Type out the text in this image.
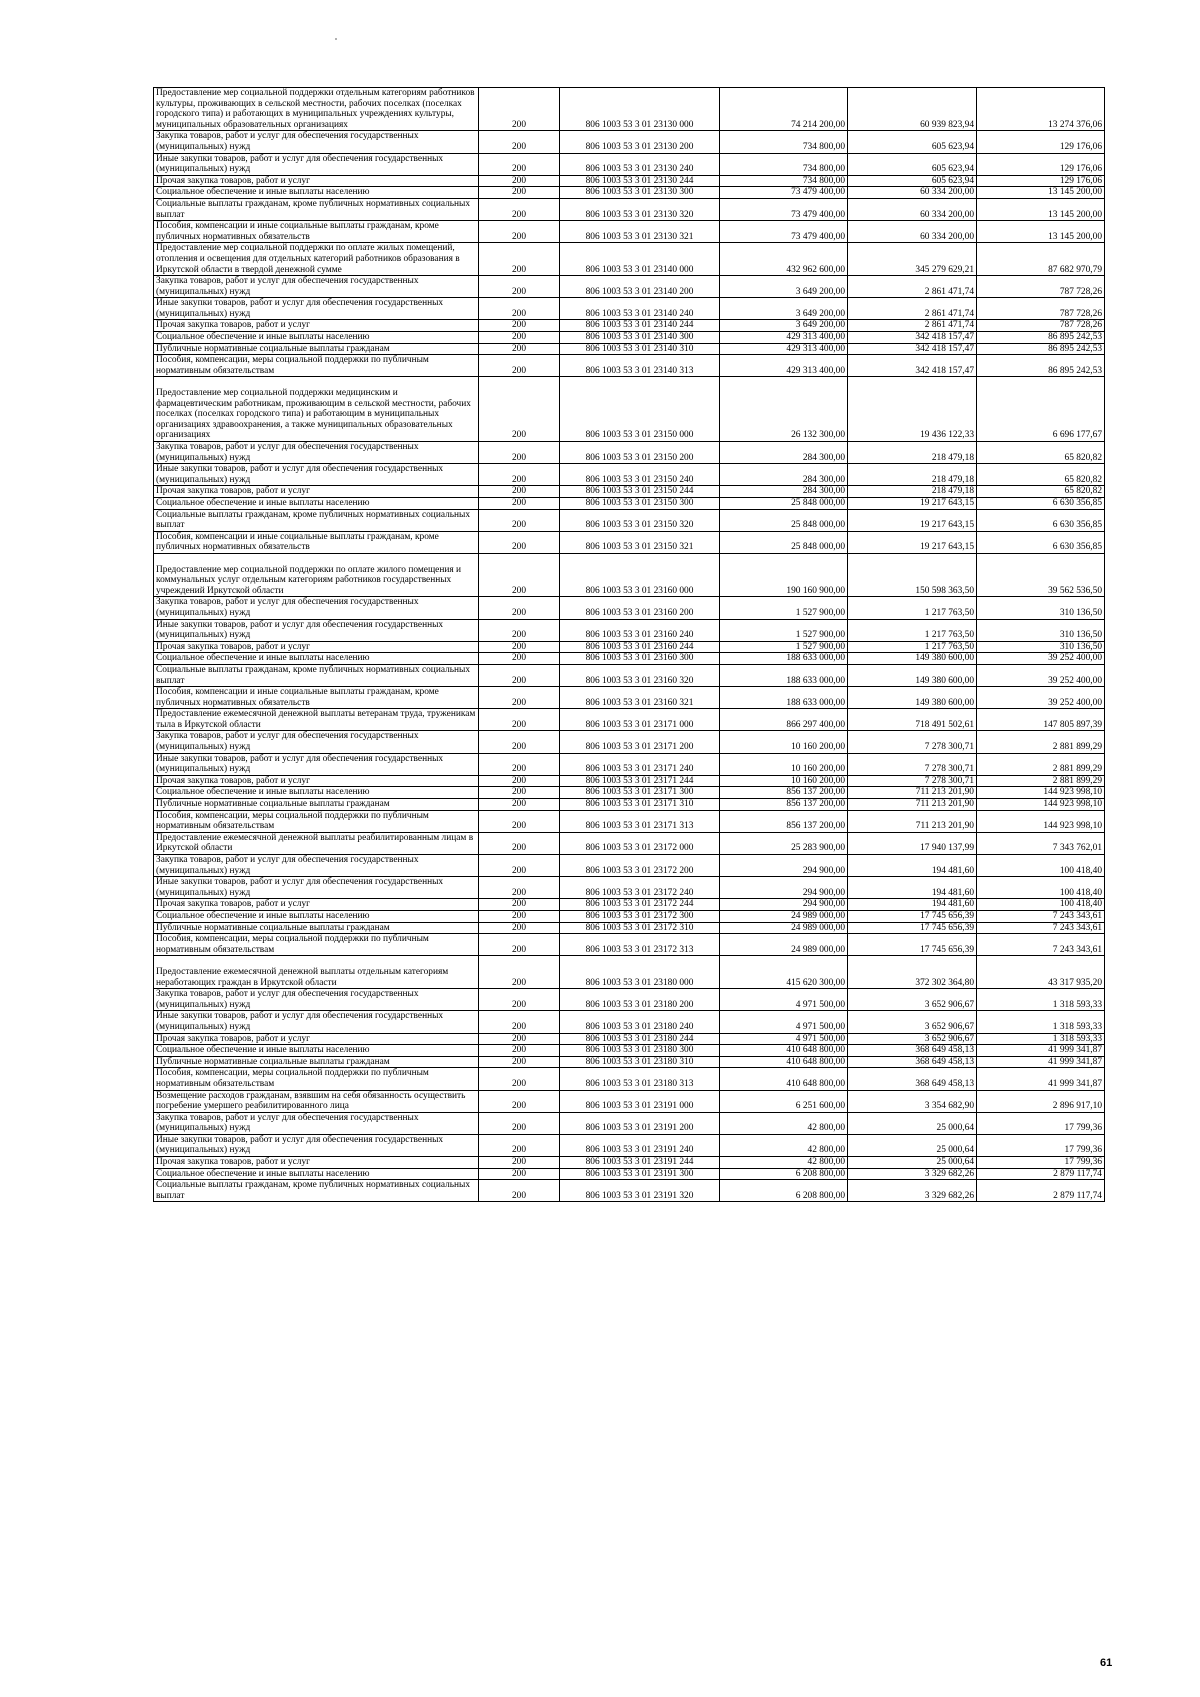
Предоставление мер социальной поддержки отдельным категориям работников культуры, проживающих в сельской местности, рабочих поселках (поселках городского типа) и работающих в муниципальных учреждениях культуры, муниципальных образовательных организациях	200	806 1003 53 3 01 23130 000	74 214 200,00	60 939 823,94	13 274 376,06
Закупка товаров, работ и услуг для обеспечения государственных (муниципальных) нужд	200	806 1003 53 3 01 23130 200	734 800,00	605 623,94	129 176,06
Иные закупки товаров, работ и услуг для обеспечения государственных (муниципальных) нужд	200	806 1003 53 3 01 23130 240	734 800,00	605 623,94	129 176,06
Прочая закупка товаров, работ и услуг	200	806 1003 53 3 01 23130 244	734 800,00	605 623,94	129 176,06
Социальное обеспечение и иные выплаты населению	200	806 1003 53 3 01 23130 300	73 479 400,00	60 334 200,00	13 145 200,00
Социальные выплаты гражданам, кроме публичных нормативных социальных выплат	200	806 1003 53 3 01 23130 320	73 479 400,00	60 334 200,00	13 145 200,00
Пособия, компенсации и иные социальные выплаты гражданам, кроме публичных нормативных обязательств	200	806 1003 53 3 01 23130 321	73 479 400,00	60 334 200,00	13 145 200,00
Предоставление мер социальной поддержки по оплате жилых помещений, отопления и освещения для отдельных категорий работников образования в Иркутской области в твердой денежной сумме	200	806 1003 53 3 01 23140 000	432 962 600,00	345 279 629,21	87 682 970,79
Закупка товаров, работ и услуг для обеспечения государственных (муниципальных) нужд	200	806 1003 53 3 01 23140 200	3 649 200,00	2 861 471,74	787 728,26
Иные закупки товаров, работ и услуг для обеспечения государственных (муниципальных) нужд	200	806 1003 53 3 01 23140 240	3 649 200,00	2 861 471,74	787 728,26
Прочая закупка товаров, работ и услуг	200	806 1003 53 3 01 23140 244	3 649 200,00	2 861 471,74	787 728,26
Социальное обеспечение и иные выплаты населению	200	806 1003 53 3 01 23140 300	429 313 400,00	342 418 157,47	86 895 242,53
Публичные нормативные социальные выплаты гражданам	200	806 1003 53 3 01 23140 310	429 313 400,00	342 418 157,47	86 895 242,53
Пособия, компенсации, меры социальной поддержки по публичным нормативным обязательствам	200	806 1003 53 3 01 23140 313	429 313 400,00	342 418 157,47	86 895 242,53
Предоставление мер социальной поддержки медицинским и фармацевтическим работникам, проживающим в сельской местности, рабочих поселках (поселках городского типа) и работающим в муниципальных организациях здравоохранения, а также муниципальных образовательных организациях	200	806 1003 53 3 01 23150 000	26 132 300,00	19 436 122,33	6 696 177,67
Закупка товаров, работ и услуг для обеспечения государственных (муниципальных) нужд	200	806 1003 53 3 01 23150 200	284 300,00	218 479,18	65 820,82
Иные закупки товаров, работ и услуг для обеспечения государственных (муниципальных) нужд	200	806 1003 53 3 01 23150 240	284 300,00	218 479,18	65 820,82
Прочая закупка товаров, работ и услуг	200	806 1003 53 3 01 23150 244	284 300,00	218 479,18	65 820,82
Социальное обеспечение и иные выплаты населению	200	806 1003 53 3 01 23150 300	25 848 000,00	19 217 643,15	6 630 356,85
Социальные выплаты гражданам, кроме публичных нормативных социальных выплат	200	806 1003 53 3 01 23150 320	25 848 000,00	19 217 643,15	6 630 356,85
Пособия, компенсации и иные социальные выплаты гражданам, кроме публичных нормативных обязательств	200	806 1003 53 3 01 23150 321	25 848 000,00	19 217 643,15	6 630 356,85
Предоставление мер социальной поддержки по оплате жилого помещения и коммунальных услуг отдельным категориям работников государственных учреждений Иркутской области	200	806 1003 53 3 01 23160 000	190 160 900,00	150 598 363,50	39 562 536,50
Закупка товаров, работ и услуг для обеспечения государственных (муниципальных) нужд	200	806 1003 53 3 01 23160 200	1 527 900,00	1 217 763,50	310 136,50
Иные закупки товаров, работ и услуг для обеспечения государственных (муниципальных) нужд	200	806 1003 53 3 01 23160 240	1 527 900,00	1 217 763,50	310 136,50
Прочая закупка товаров, работ и услуг	200	806 1003 53 3 01 23160 244	1 527 900,00	1 217 763,50	310 136,50
Социальное обеспечение и иные выплаты населению	200	806 1003 53 3 01 23160 300	188 633 000,00	149 380 600,00	39 252 400,00
Социальные выплаты гражданам, кроме публичных нормативных социальных выплат	200	806 1003 53 3 01 23160 320	188 633 000,00	149 380 600,00	39 252 400,00
Пособия, компенсации и иные социальные выплаты гражданам, кроме публичных нормативных обязательств	200	806 1003 53 3 01 23160 321	188 633 000,00	149 380 600,00	39 252 400,00
Предоставление ежемесячной денежной выплаты ветеранам труда, труженикам тыла в Иркутской области	200	806 1003 53 3 01 23171 000	866 297 400,00	718 491 502,61	147 805 897,39
Закупка товаров, работ и услуг для обеспечения государственных (муниципальных) нужд	200	806 1003 53 3 01 23171 200	10 160 200,00	7 278 300,71	2 881 899,29
Иные закупки товаров, работ и услуг для обеспечения государственных (муниципальных) нужд	200	806 1003 53 3 01 23171 240	10 160 200,00	7 278 300,71	2 881 899,29
Прочая закупка товаров, работ и услуг	200	806 1003 53 3 01 23171 244	10 160 200,00	7 278 300,71	2 881 899,29
Социальное обеспечение и иные выплаты населению	200	806 1003 53 3 01 23171 300	856 137 200,00	711 213 201,90	144 923 998,10
Публичные нормативные социальные выплаты гражданам	200	806 1003 53 3 01 23171 310	856 137 200,00	711 213 201,90	144 923 998,10
Пособия, компенсации, меры социальной поддержки по публичным нормативным обязательствам	200	806 1003 53 3 01 23171 313	856 137 200,00	711 213 201,90	144 923 998,10
Предоставление ежемесячной денежной выплаты реабилитированным лицам в Иркутской области	200	806 1003 53 3 01 23172 000	25 283 900,00	17 940 137,99	7 343 762,01
Закупка товаров, работ и услуг для обеспечения государственных (муниципальных) нужд	200	806 1003 53 3 01 23172 200	294 900,00	194 481,60	100 418,40
Иные закупки товаров, работ и услуг для обеспечения государственных (муниципальных) нужд	200	806 1003 53 3 01 23172 240	294 900,00	194 481,60	100 418,40
Прочая закупка товаров, работ и услуг	200	806 1003 53 3 01 23172 244	294 900,00	194 481,60	100 418,40
Социальное обеспечение и иные выплаты населению	200	806 1003 53 3 01 23172 300	24 989 000,00	17 745 656,39	7 243 343,61
Публичные нормативные социальные выплаты гражданам	200	806 1003 53 3 01 23172 310	24 989 000,00	17 745 656,39	7 243 343,61
Пособия, компенсации, меры социальной поддержки по публичным нормативным обязательствам	200	806 1003 53 3 01 23172 313	24 989 000,00	17 745 656,39	7 243 343,61
Предоставление ежемесячной денежной выплаты отдельным категориям неработающих граждан в Иркутской области	200	806 1003 53 3 01 23180 000	415 620 300,00	372 302 364,80	43 317 935,20
Закупка товаров, работ и услуг для обеспечения государственных (муниципальных) нужд	200	806 1003 53 3 01 23180 200	4 971 500,00	3 652 906,67	1 318 593,33
Иные закупки товаров, работ и услуг для обеспечения государственных (муниципальных) нужд	200	806 1003 53 3 01 23180 240	4 971 500,00	3 652 906,67	1 318 593,33
Прочая закупка товаров, работ и услуг	200	806 1003 53 3 01 23180 244	4 971 500,00	3 652 906,67	1 318 593,33
Социальное обеспечение и иные выплаты населению	200	806 1003 53 3 01 23180 300	410 648 800,00	368 649 458,13	41 999 341,87
Публичные нормативные социальные выплаты гражданам	200	806 1003 53 3 01 23180 310	410 648 800,00	368 649 458,13	41 999 341,87
Пособия, компенсации, меры социальной поддержки по публичным нормативным обязательствам	200	806 1003 53 3 01 23180 313	410 648 800,00	368 649 458,13	41 999 341,87
Возмещение расходов гражданам, взявшим на себя обязанность осуществить погребение умершего реабилитированного лица	200	806 1003 53 3 01 23191 000	6 251 600,00	3 354 682,90	2 896 917,10
Закупка товаров, работ и услуг для обеспечения государственных (муниципальных) нужд	200	806 1003 53 3 01 23191 200	42 800,00	25 000,64	17 799,36
Иные закупки товаров, работ и услуг для обеспечения государственных (муниципальных) нужд	200	806 1003 53 3 01 23191 240	42 800,00	25 000,64	17 799,36
Прочая закупка товаров, работ и услуг	200	806 1003 53 3 01 23191 244	42 800,00	25 000,64	17 799,36
Социальное обеспечение и иные выплаты населению	200	806 1003 53 3 01 23191 300	6 208 800,00	3 329 682,26	2 879 117,74
Социальные выплаты гражданам, кроме публичных нормативных социальных выплат	200	806 1003 53 3 01 23191 320	6 208 800,00	3 329 682,26	2 879 117,74
61
